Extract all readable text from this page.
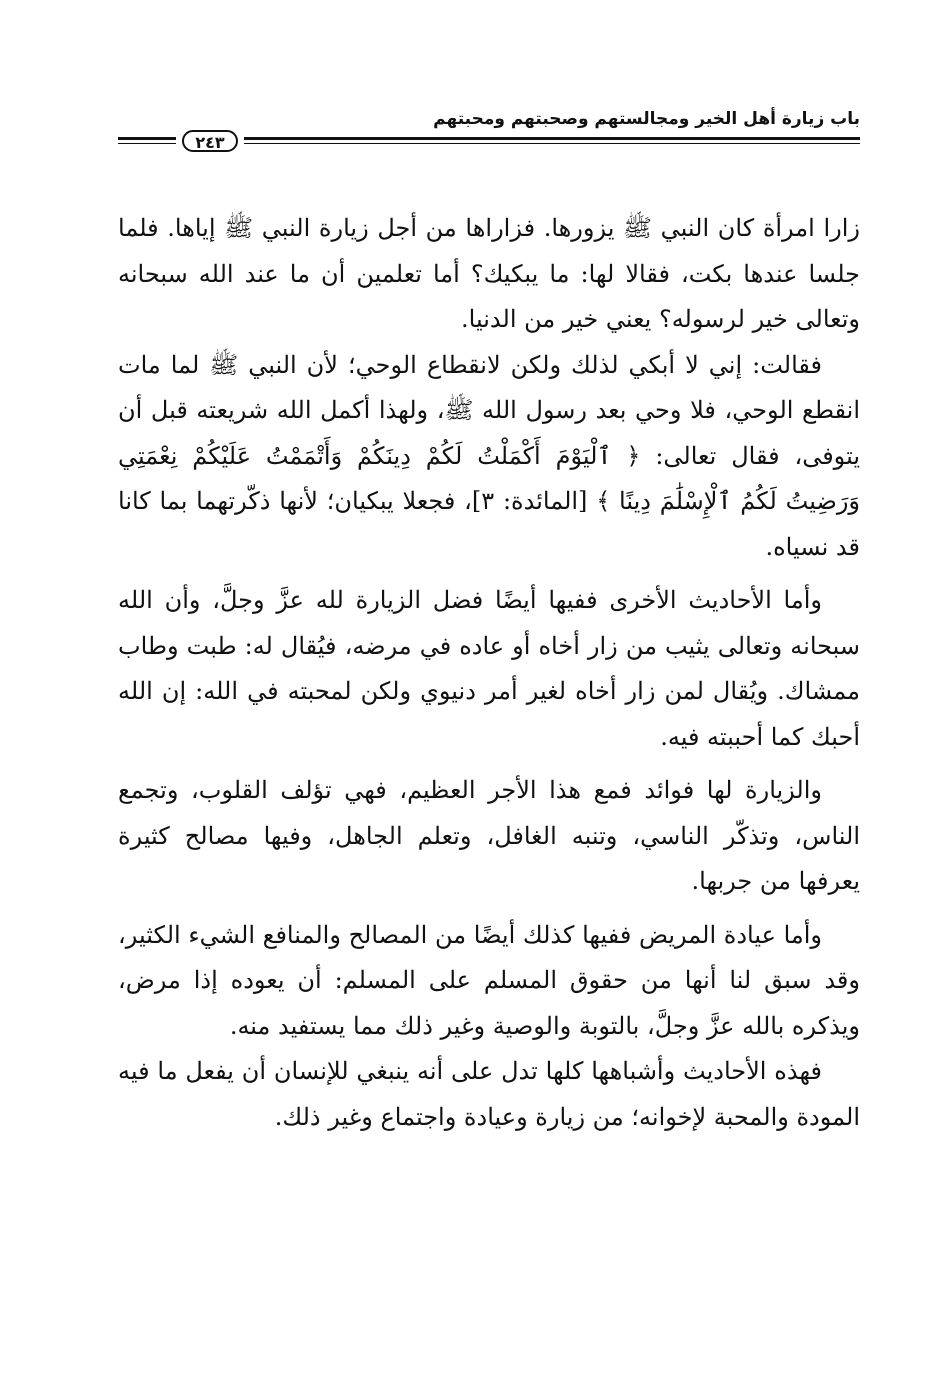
باب زيارة أهل الخير ومجالستهم وصحبتهم ومحبتهم
٢٤٣

زارا امرأة كان النبي ﷺ يزورها. فزاراها من أجل زيارة النبي ﷺ إياها. فلما جلسا عندها بكت، فقالا لها: ما يبكيك؟ أما تعلمين أن ما عند الله سبحانه وتعالى خير لرسوله؟ يعني خير من الدنيا.

فقالت: إني لا أبكي لذلك ولكن لانقطاع الوحي؛ لأن النبي ﷺ لما مات انقطع الوحي، فلا وحي بعد رسول الله ﷺ، ولهذا أكمل الله شريعته قبل أن يتوفى، فقال تعالى: ﴿ ٱلْيَوْمَ أَكْمَلْتُ لَكُمْ دِينَكُمْ وَأَتْمَمْتُ عَلَيْكُمْ نِعْمَتِي وَرَضِيتُ لَكُمُ ٱلْإِسْلَٰمَ دِينًا ﴾ [المائدة: ٣]، فجعلا يبكيان؛ لأنها ذكّرتهما بما كانا قد نسياه.

وأما الأحاديث الأخرى ففيها أيضًا فضل الزيارة لله عزَّ وجلَّ، وأن الله سبحانه وتعالى يثيب من زار أخاه أو عاده في مرضه، فيُقال له: طبت وطاب ممشاك. ويُقال لمن زار أخاه لغير أمر دنيوي ولكن لمحبته في الله: إن الله أحبك كما أحببته فيه.

والزيارة لها فوائد فمع هذا الأجر العظيم، فهي تؤلف القلوب، وتجمع الناس، وتذكّر الناسي، وتنبه الغافل، وتعلم الجاهل، وفيها مصالح كثيرة يعرفها من جربها.

وأما عيادة المريض ففيها كذلك أيضًا من المصالح والمنافع الشيء الكثير، وقد سبق لنا أنها من حقوق المسلم على المسلم: أن يعوده إذا مرض، ويذكره بالله عزَّ وجلَّ، بالتوبة والوصية وغير ذلك مما يستفيد منه.

فهذه الأحاديث وأشباهها كلها تدل على أنه ينبغي للإنسان أن يفعل ما فيه المودة والمحبة لإخوانه؛ من زيارة وعيادة واجتماع وغير ذلك.
